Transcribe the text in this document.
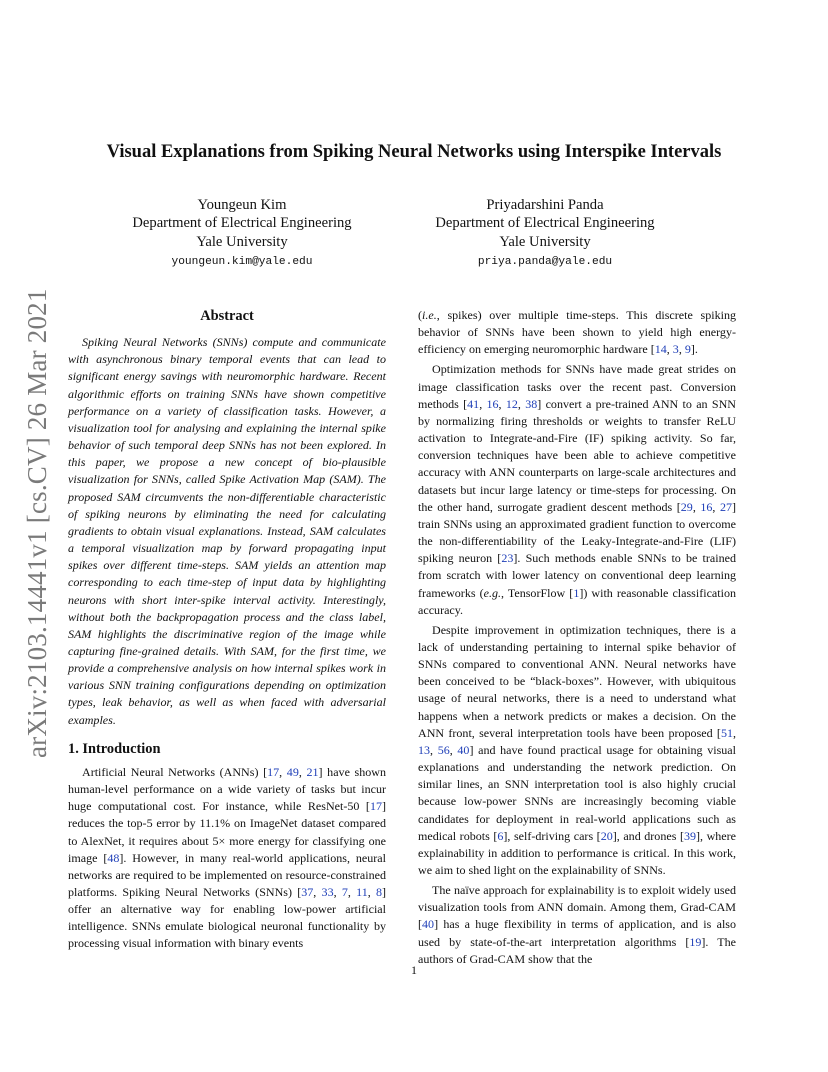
arXiv:2103.14441v1 [cs.CV] 26 Mar 2021
Visual Explanations from Spiking Neural Networks using Interspike Intervals
Youngeun Kim
Department of Electrical Engineering
Yale University
youngeun.kim@yale.edu
Priyadarshini Panda
Department of Electrical Engineering
Yale University
priya.panda@yale.edu
Abstract

Spiking Neural Networks (SNNs) compute and communicate with asynchronous binary temporal events that can lead to significant energy savings with neuromorphic hardware. Recent algorithmic efforts on training SNNs have shown competitive performance on a variety of classification tasks. However, a visualization tool for analysing and explaining the internal spike behavior of such temporal deep SNNs has not been explored. In this paper, we propose a new concept of bio-plausible visualization for SNNs, called Spike Activation Map (SAM). The proposed SAM circumvents the non-differentiable characteristic of spiking neurons by eliminating the need for calculating gradients to obtain visual explanations. Instead, SAM calculates a temporal visualization map by forward propagating input spikes over different time-steps. SAM yields an attention map corresponding to each time-step of input data by highlighting neurons with short inter-spike interval activity. Interestingly, without both the backpropagation process and the class label, SAM highlights the discriminative region of the image while capturing fine-grained details. With SAM, for the first time, we provide a comprehensive analysis on how internal spikes work in various SNN training configurations depending on optimization types, leak behavior, as well as when faced with adversarial examples.

1. Introduction

Artificial Neural Networks (ANNs) [17, 49, 21] have shown human-level performance on a wide variety of tasks but incur huge computational cost. For instance, while ResNet-50 [17] reduces the top-5 error by 11.1% on ImageNet dataset compared to AlexNet, it requires about 5× more energy for classifying one image [48]. However, in many real-world applications, neural networks are required to be implemented on resource-constrained platforms. Spiking Neural Networks (SNNs) [37, 33, 7, 11, 8] offer an alternative way for enabling low-power artificial intelligence. SNNs emulate biological neuronal functionality by processing visual information with binary events

(i.e., spikes) over multiple time-steps. This discrete spiking behavior of SNNs have been shown to yield high energy-efficiency on emerging neuromorphic hardware [14, 3, 9].

Optimization methods for SNNs have made great strides on image classification tasks over the recent past. Conversion methods [41, 16, 12, 38] convert a pre-trained ANN to an SNN by normalizing firing thresholds or weights to transfer ReLU activation to Integrate-and-Fire (IF) spiking activity. So far, conversion techniques have been able to achieve competitive accuracy with ANN counterparts on large-scale architectures and datasets but incur large latency or time-steps for processing. On the other hand, surrogate gradient descent methods [29, 16, 27] train SNNs using an approximated gradient function to overcome the non-differentiability of the Leaky-Integrate-and-Fire (LIF) spiking neuron [23]. Such methods enable SNNs to be trained from scratch with lower latency on conventional deep learning frameworks (e.g., TensorFlow [1]) with reasonable classification accuracy.

Despite improvement in optimization techniques, there is a lack of understanding pertaining to internal spike behavior of SNNs compared to conventional ANN. Neural networks have been conceived to be “black-boxes”. However, with ubiquitous usage of neural networks, there is a need to understand what happens when a network predicts or makes a decision. On the ANN front, several interpretation tools have been proposed [51, 13, 56, 40] and have found practical usage for obtaining visual explanations and understanding the network prediction. On similar lines, an SNN interpretation tool is also highly crucial because low-power SNNs are increasingly becoming viable candidates for deployment in real-world applications such as medical robots [6], self-driving cars [20], and drones [39], where explainability in addition to performance is critical. In this work, we aim to shed light on the explainability of SNNs.

The naïve approach for explainability is to exploit widely used visualization tools from ANN domain. Among them, Grad-CAM [40] has a huge flexibility in terms of application, and is also used by state-of-the-art interpretation algorithms [19]. The authors of Grad-CAM show that the

1
